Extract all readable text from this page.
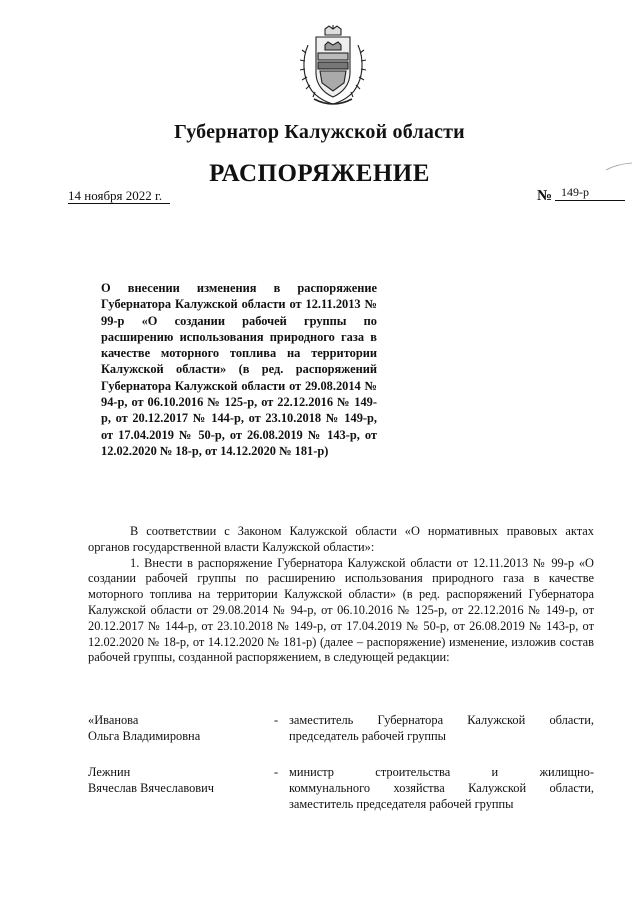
Губернатор Калужской области
РАСПОРЯЖЕНИЕ
14 ноября 2022 г.	№ 149-р
О внесении изменения в распоряжение Губернатора Калужской области от 12.11.2013 № 99-р «О создании рабочей группы по расширению использования природного газа в качестве моторного топлива на территории Калужской области» (в ред. распоряжений Губернатора Калужской области от 29.08.2014 № 94-р, от 06.10.2016 № 125-р, от 22.12.2016 № 149-р, от 20.12.2017 № 144-р, от 23.10.2018 № 149-р, от 17.04.2019 № 50-р, от 26.08.2019 № 143-р, от 12.02.2020 № 18-р, от 14.12.2020 № 181-р)

В соответствии с Законом Калужской области «О нормативных правовых актах органов государственной власти Калужской области»:

1. Внести в распоряжение Губернатора Калужской области от 12.11.2013 № 99-р «О создании рабочей группы по расширению использования природного газа в качестве моторного топлива на территории Калужской области» (в ред. распоряжений Губернатора Калужской области от 29.08.2014 № 94-р, от 06.10.2016 № 125-р, от 22.12.2016 № 149-р, от 20.12.2017 № 144-р, от 23.10.2018 № 149-р, от 17.04.2019 № 50-р, от 26.08.2019 № 143-р, от 12.02.2020 № 18-р, от 14.12.2020 № 181-р) (далее – распоряжение) изменение, изложив состав рабочей группы, созданной распоряжением, в следующей редакции:

«Иванова
Ольга Владимировна
- заместитель Губернатора Калужской области,
председатель рабочей группы
Лежнин
Вячеслав Вячеславович
- министр строительства и жилищно-
коммунального хозяйства Калужской области,
заместитель председателя рабочей группы
